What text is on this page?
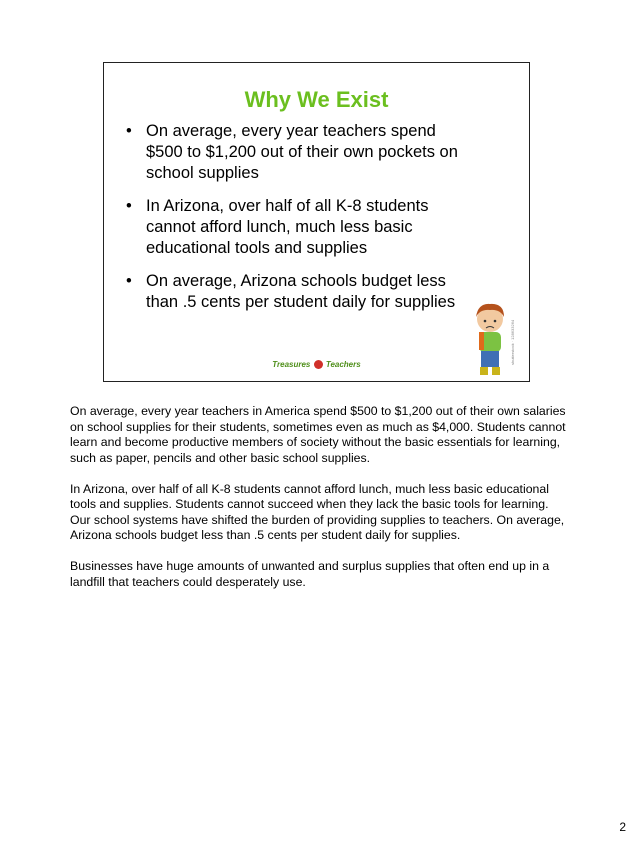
Why We Exist
• On average, every year teachers spend $500 to $1,200 out of their own pockets on school supplies
• In Arizona, over half of all K-8 students cannot afford lunch, much less basic educational tools and supplies
• On average, Arizona schools budget less than .5 cents per student daily for supplies
shutterstock · 128633264
Treasures Teachers

On average, every year teachers in America spend $500 to $1,200 out of their own salaries on school supplies for their students, sometimes even as much as $4,000. Students cannot learn and become productive members of society without the basic essentials for learning, such as paper, pencils and other basic school supplies.

In Arizona, over half of all K-8 students cannot afford lunch, much less basic educational tools and supplies. Students cannot succeed when they lack the basic tools for learning. Our school systems have shifted the burden of providing supplies to teachers. On average, Arizona schools budget less than .5 cents per student daily for supplies.

Businesses have huge amounts of unwanted and surplus supplies that often end up in a landfill that teachers could desperately use.

2
